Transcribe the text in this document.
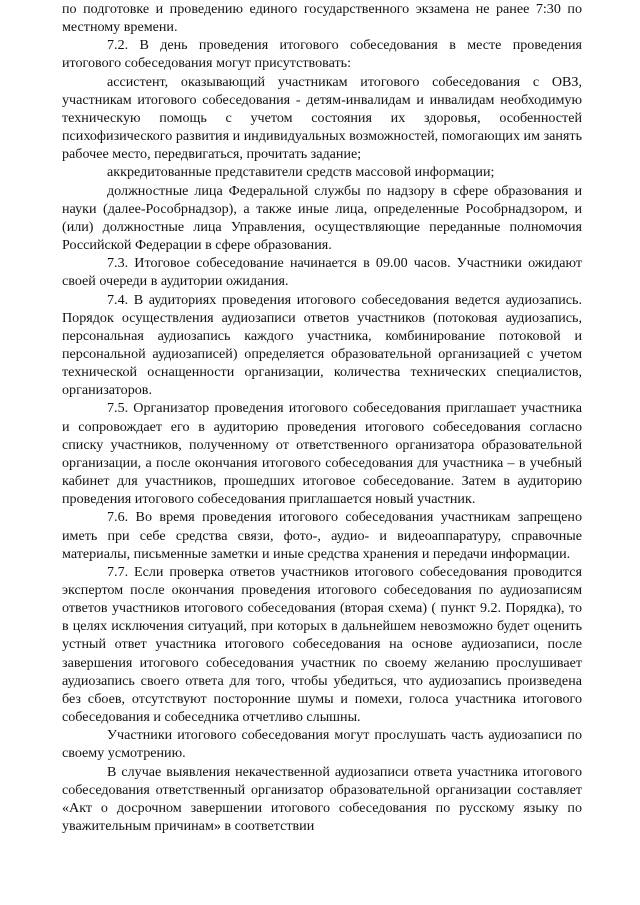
по подготовке и проведению единого государственного экзамена не ранее 7:30 по местному времени.

7.2. В день проведения итогового собеседования в месте проведения итогового собеседования могут присутствовать:

ассистент, оказывающий участникам итогового собеседования с ОВЗ, участникам итогового собеседования - детям-инвалидам и инвалидам необходимую техническую помощь с учетом состояния их здоровья, особенностей психофизического развития и индивидуальных возможностей, помогающих им занять рабочее место, передвигаться, прочитать задание;

аккредитованные представители средств массовой информации;

должностные лица Федеральной службы по надзору в сфере образования и науки (далее-Рособрнадзор), а также иные лица, определенные Рособрнадзором, и (или) должностные лица Управления, осуществляющие переданные полномочия Российской Федерации в сфере образования.

7.3. Итоговое собеседование начинается в 09.00 часов. Участники ожидают своей очереди в аудитории ожидания.

7.4. В аудиториях проведения итогового собеседования ведется аудиозапись. Порядок осуществления аудиозаписи ответов участников (потоковая аудиозапись, персональная аудиозапись каждого участника, комбинирование потоковой и персональной аудиозаписей) определяется образовательной организацией с учетом технической оснащенности организации, количества технических специалистов, организаторов.

7.5. Организатор проведения итогового собеседования приглашает участника и сопровождает его в аудиторию проведения итогового собеседования согласно списку участников, полученному от ответственного организатора образовательной организации, а после окончания итогового собеседования для участника – в учебный кабинет для участников, прошедших итоговое собеседование. Затем в аудиторию проведения итогового собеседования приглашается новый участник.

7.6. Во время проведения итогового собеседования участникам запрещено иметь при себе средства связи, фото-, аудио- и видеоаппаратуру, справочные материалы, письменные заметки и иные средства хранения и передачи информации.

7.7. Если проверка ответов участников итогового собеседования проводится экспертом после окончания проведения итогового собеседования по аудиозаписям ответов участников итогового собеседования (вторая схема) ( пункт 9.2. Порядка), то в целях исключения ситуаций, при которых в дальнейшем невозможно будет оценить устный ответ участника итогового собеседования на основе аудиозаписи, после завершения итогового собеседования участник по своему желанию прослушивает аудиозапись своего ответа для того, чтобы убедиться, что аудиозапись произведена без сбоев, отсутствуют посторонние шумы и помехи, голоса участника итогового собеседования и собеседника отчетливо слышны.

Участники итогового собеседования могут прослушать часть аудиозаписи по своему усмотрению.

В случае выявления некачественной аудиозаписи ответа участника итогового собеседования ответственный организатор образовательной организации составляет «Акт о досрочном завершении итогового собеседования по русскому языку по уважительным причинам» в соответствии
